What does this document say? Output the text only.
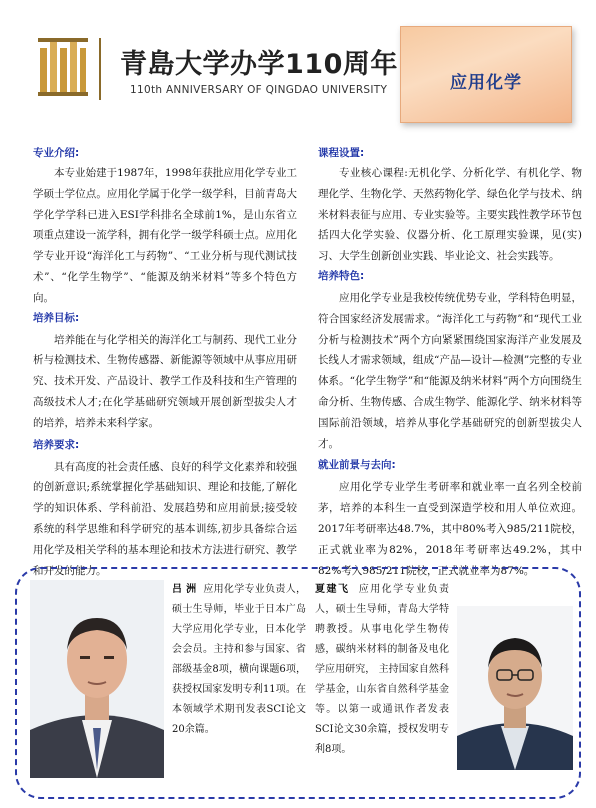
青島大学办学110周年
110th ANNIVERSARY OF QINGDAO UNIVERSITY	应用化学
专业介绍:

本专业始建于1987年，1998年获批应用化学专业工学硕士学位点。应用化学属于化学一级学科，目前青岛大学化学学科已进入ESI学科排名全球前1%，是山东省立项重点建设一流学科，拥有化学一级学科硕士点。应用化学专业开设“海洋化工与药物”、“工业分析与现代测试技术”、“化学生物学”、“能源及纳米材料”等多个特色方向。

培养目标:

培养能在与化学相关的海洋化工与制药、现代工业分析与检测技术、生物传感器、新能源等领域中从事应用研究、技术开发、产品设计、教学工作及科技和生产管理的高级技术人才;在化学基础研究领域开展创新型拔尖人才的培养，培养未来科学家。

培养要求:

具有高度的社会责任感、良好的科学文化素养和较强的创新意识;系统掌握化学基础知识、理论和技能,了解化学的知识体系、学科前沿、发展趋势和应用前景;接受较系统的科学思维和科学研究的基本训练,初步具备综合运用化学及相关学科的基本理论和技术方法进行研究、教学和开发的能力。

课程设置:

专业核心课程:无机化学、分析化学、有机化学、物理化学、生物化学、天然药物化学、绿色化学与技术、纳米材料表征与应用、专业实验等。主要实践性教学环节包括四大化学实验、仪器分析、化工原理实验课，见(实)习、大学生创新创业实践、毕业论文、社会实践等。

培养特色:

应用化学专业是我校传统优势专业，学科特色明显，符合国家经济发展需求。“海洋化工与药物”和“现代工业分析与检测技术”两个方向紧紧围绕国家海洋产业发展及长线人才需求领域，组成“产品—设计—检测”完整的专业体系。“化学生物学”和“能源及纳米材料”两个方向围绕生命分析、生物传感、合成生物学、能源化学、纳米材料等国际前沿领域，培养从事化学基础研究的创新型拔尖人才。

就业前景与去向:

应用化学专业学生考研率和就业率一直名列全校前茅，培养的本科生一直受到深造学校和用人单位欢迎。2017年考研率达48.7%，其中80%考入985/211院校，正式就业率为82%，2018年考研率达49.2%，其中82%考入985/211院校，正式就业率为87%。

吕 洲 应用化学专业负责人，硕士生导师，毕业于日本广岛大学应用化学专业，日本化学会会员。主持和参与国家、省部级基金8项，横向课题6项，获授权国家发明专利11项。在本领域学术期刊发表SCI论文20余篇。
夏建飞 应用化学专业负责人，硕士生导师，青岛大学特聘教授。从事电化学生物传感，碳纳米材料的制备及电化学应用研究， 主持国家自然科学基金，山东省自然科学基金等。以第一或通讯作者发表SCI论文30余篇，授权发明专利8项。
